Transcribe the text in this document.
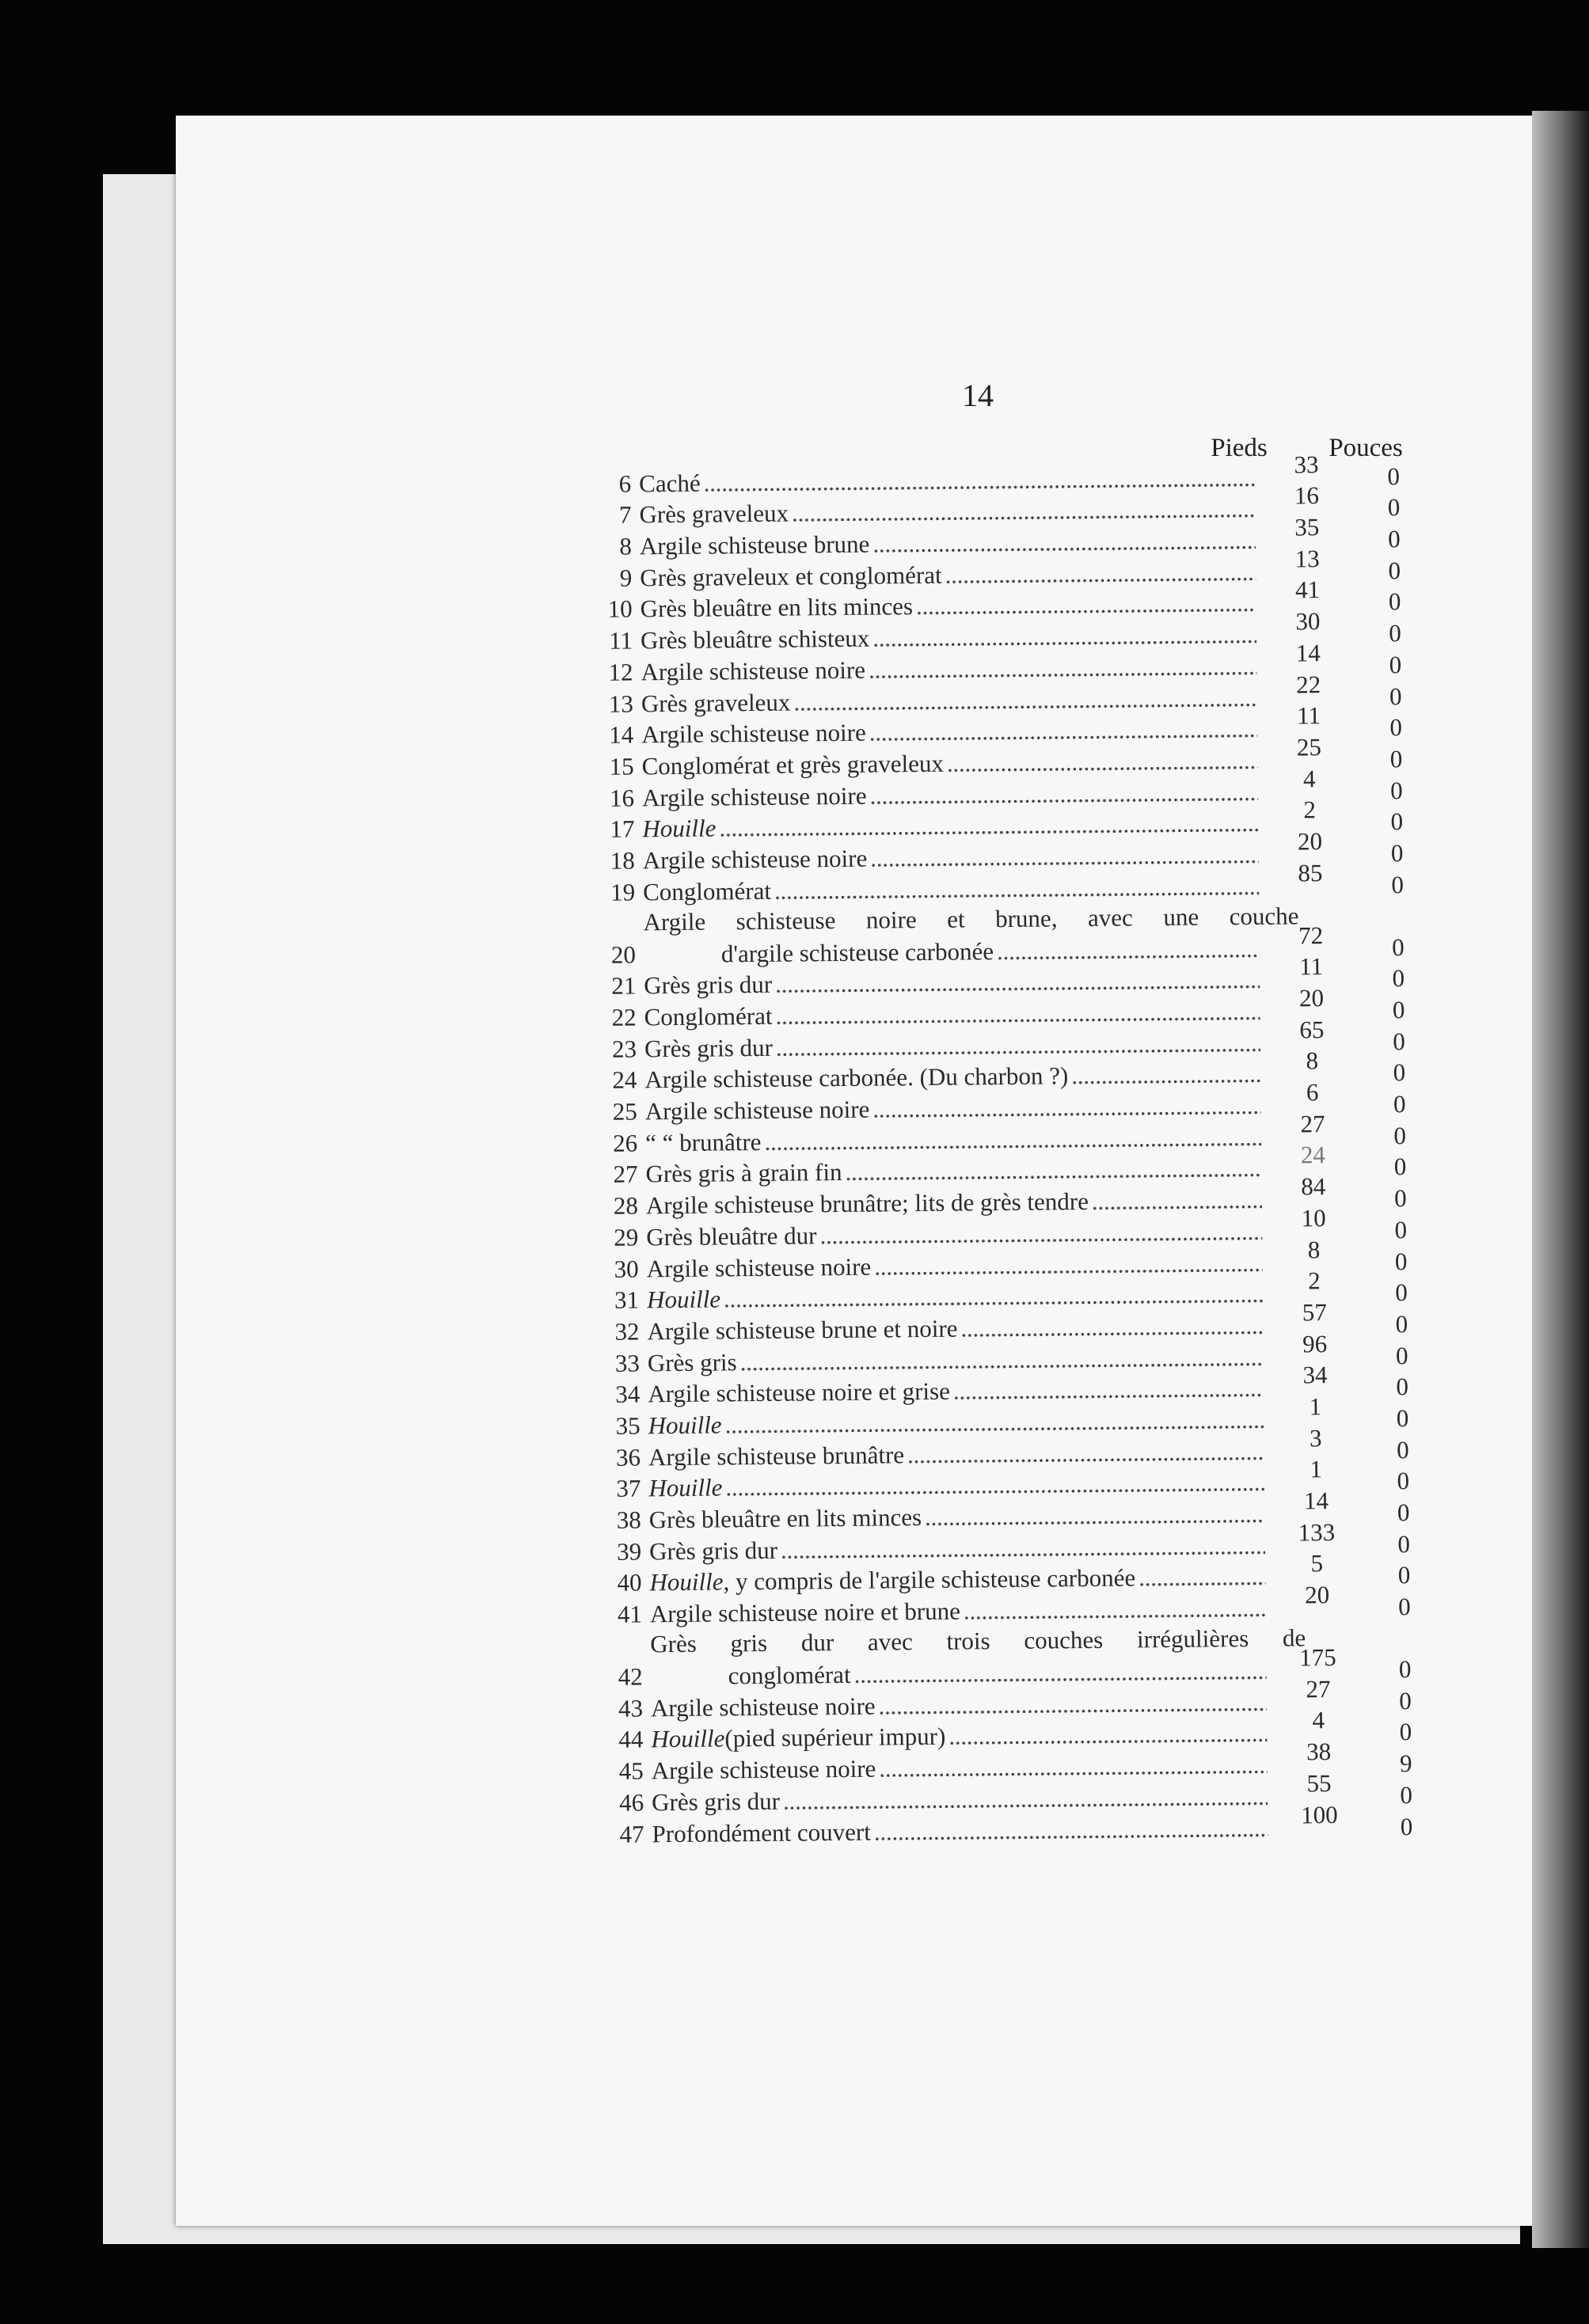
14
Pieds	Pouces
6 Caché
. . .
33	0
7 Grès graveleux
. . .
16	0
8 Argile schisteuse brune
. . .
35	0
9 Grès graveleux et conglomérat
. . .
13	0
10 Grès bleuâtre en lits minces
. . .
41	0
11 Grès bleuâtre schisteux
. . .
30	0
12 Argile schisteuse noire
. . .
14	0
13 Grès graveleux
. . .
22	0
14 Argile schisteuse noire
. . .
11	0
15 Conglomérat et grès graveleux
. . .
25	0
16 Argile schisteuse noire
. . .
4	0
17 Houille
. . .
2	0
18 Argile schisteuse noire
. . .
20	0
19 Conglomérat
. . .
85	0
20
Argile schisteuse noire et brune, avec une couche
d'argile schisteuse carbonée
. . .
72	0
21 Grès gris dur
. . .
11	0
22 Conglomérat
. . .
20	0
23 Grès gris dur
. . .
65	0
24 Argile schisteuse carbonée. (Du charbon ?)
. . .
8	0
25 Argile schisteuse noire
. . .
6	0
26 “ “ brunâtre
. . .
27	0
27 Grès gris à grain fin
. . .
24	0
28 Argile schisteuse brunâtre; lits de grès tendre
. . .
84	0
29 Grès bleuâtre dur
. . .
10	0
30 Argile schisteuse noire
. . .
8	0
31 Houille
. . .
2	0
32 Argile schisteuse brune et noire
. . .
57	0
33 Grès gris
. . .
96	0
34 Argile schisteuse noire et grise
. . .
34	0
35 Houille
. . .
1	0
36 Argile schisteuse brunâtre
. . .
3	0
37 Houille
. . .
1	0
38 Grès bleuâtre en lits minces
. . .
14	0
39 Grès gris dur
. . .
133	0
40 Houille , y compris de l'argile schisteuse carbonée
. . .
5	0
41 Argile schisteuse noire et brune
. . .
20	0
42
Grès gris dur avec trois couches irrégulières de
conglomérat
. . .
175	0
43 Argile schisteuse noire
. . .
27	0
44 Houille (pied supérieur impur)
. . .
4	0
45 Argile schisteuse noire
. . .
38	9
46 Grès gris dur
. . .
55	0
47 Profondément couvert
. . .
100	0
